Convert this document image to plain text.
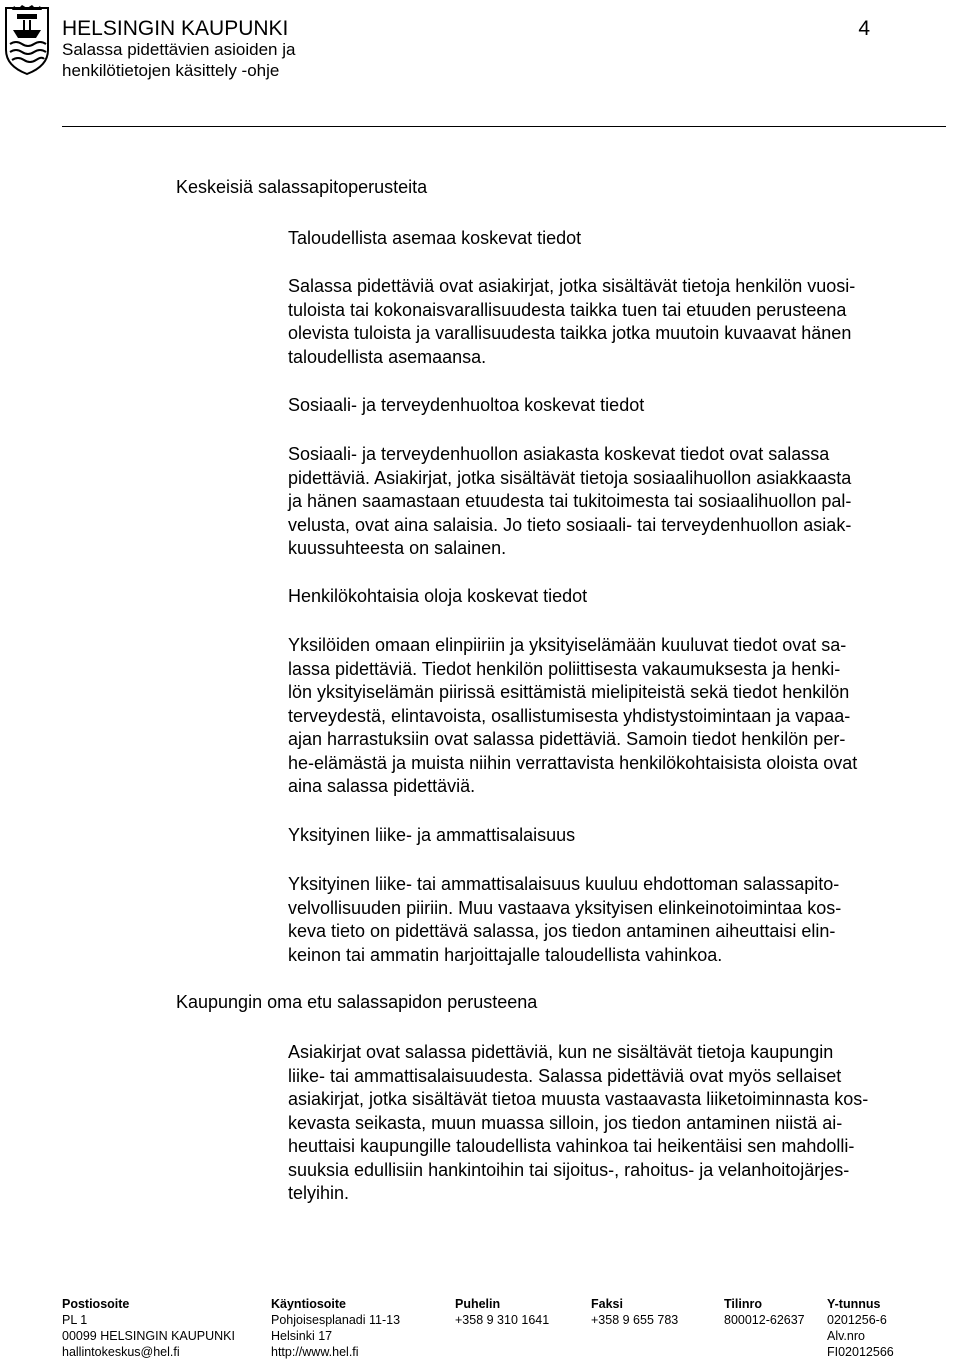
HELSINGIN KAUPUNKI
Salassa pidettävien asioiden ja
henkilötietojen käsittely -ohje
4
Keskeisiä salassapitoperusteita
Taloudellista asemaa koskevat tiedot
Salassa pidettäviä ovat asiakirjat, jotka sisältävät tietoja henkilön vuosi-
tuloista tai kokonaisvarallisuudesta taikka tuen tai etuuden perusteena
olevista tuloista ja varallisuudesta taikka jotka muutoin kuvaavat hänen
taloudellista asemaansa.
Sosiaali- ja terveydenhuoltoa koskevat tiedot
Sosiaali- ja terveydenhuollon asiakasta koskevat tiedot ovat salassa
pidettäviä. Asiakirjat, jotka sisältävät tietoja sosiaalihuollon asiakkaasta
ja hänen saamastaan etuudesta tai tukitoimesta tai sosiaalihuollon pal-
velusta, ovat aina salaisia. Jo tieto sosiaali- tai terveydenhuollon asiak-
kuussuhteesta on salainen.
Henkilökohtaisia oloja koskevat tiedot
Yksilöiden omaan elinpiiriin ja yksityiselämään kuuluvat tiedot ovat sa-
lassa pidettäviä. Tiedot henkilön poliittisesta vakaumuksesta ja henki-
lön yksityiselämän piirissä esittämistä mielipiteistä sekä tiedot henkilön
terveydestä, elintavoista, osallistumisesta yhdistystoimintaan ja vapaa-
ajan harrastuksiin ovat salassa pidettäviä. Samoin tiedot henkilön per-
he-elämästä ja muista niihin verrattavista henkilökohtaisista oloista ovat
aina salassa pidettäviä.
Yksityinen liike- ja ammattisalaisuus
Yksityinen liike- tai ammattisalaisuus kuuluu ehdottoman salassapito-
velvollisuuden piiriin. Muu vastaava yksityisen elinkeinotoimintaa kos-
keva tieto on pidettävä salassa, jos tiedon antaminen aiheuttaisi elin-
keinon tai ammatin harjoittajalle taloudellista vahinkoa.
Kaupungin oma etu salassapidon perusteena
Asiakirjat ovat salassa pidettäviä, kun ne sisältävät tietoja kaupungin
liike- tai ammattisalaisuudesta. Salassa pidettäviä ovat myös sellaiset
asiakirjat, jotka sisältävät tietoa muusta vastaavasta liiketoiminnasta kos-
kevasta seikasta, muun muassa silloin, jos tiedon antaminen niistä ai-
heuttaisi kaupungille taloudellista vahinkoa tai heikentäisi sen mahdolli-
suuksia edullisiin hankintoihin tai sijoitus-, rahoitus- ja velanhoitojärjes-
telyihin.
Postiosoite
PL 1
00099 HELSINGIN KAUPUNKI
hallintokeskus@hel.fi
Käyntiosoite
Pohjoisesplanadi 11-13
Helsinki 17
http://www.hel.fi
Puhelin
+358 9 310 1641
Faksi
+358 9 655 783
Tilinro
800012-62637
Y-tunnus
0201256-6
Alv.nro
FI02012566
